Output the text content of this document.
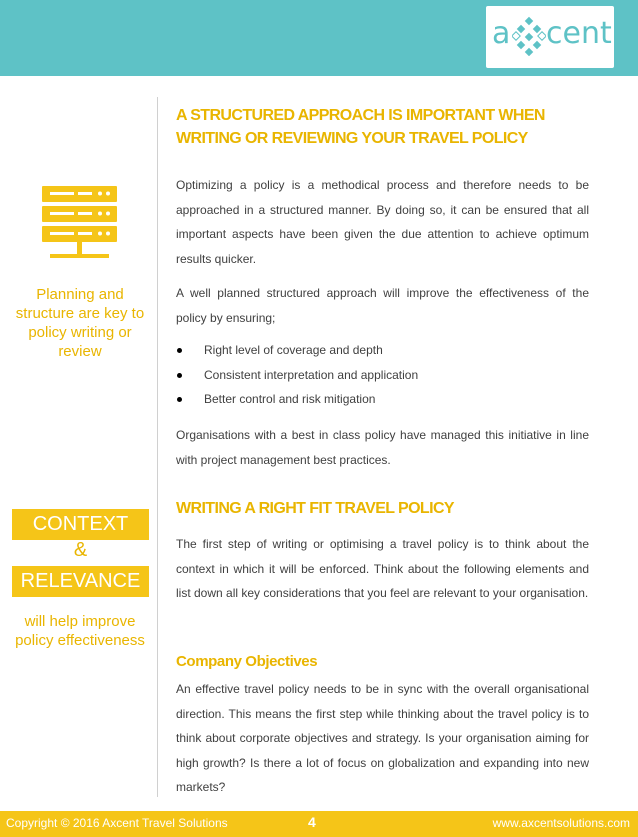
a cent
Planning and structure are key to policy writing or review
CONTEXT
&
RELEVANCE
will help improve policy effectiveness
A STRUCTURED APPROACH IS IMPORTANT WHEN WRITING OR REVIEWING YOUR TRAVEL POLICY

Optimizing a policy is a methodical process and therefore needs to be approached in a structured manner. By doing so, it can be ensured that all important aspects have been given the due attention to achieve optimum results quicker.

A well planned structured approach will improve the effectiveness of the policy by ensuring;

Right level of coverage and depth
Consistent interpretation and application
Better control and risk mitigation

Organisations with a best in class policy have managed this initiative in line with project management best practices.

WRITING A RIGHT FIT TRAVEL POLICY

The first step of writing or optimising a travel policy is to think about the context in which it will be enforced. Think about the following elements and list down all key considerations that you feel are relevant to your organisation.

Company Objectives

An effective travel policy needs to be in sync with the overall organisational direction. This means the first step while thinking about the travel policy is to think about corporate objectives and strategy. Is your organisation aiming for high growth? Is there a lot of focus on globalization and expanding into new markets?

Copyright © 2016 Axcent Travel Solutions	4	www.axcentsolutions.com
